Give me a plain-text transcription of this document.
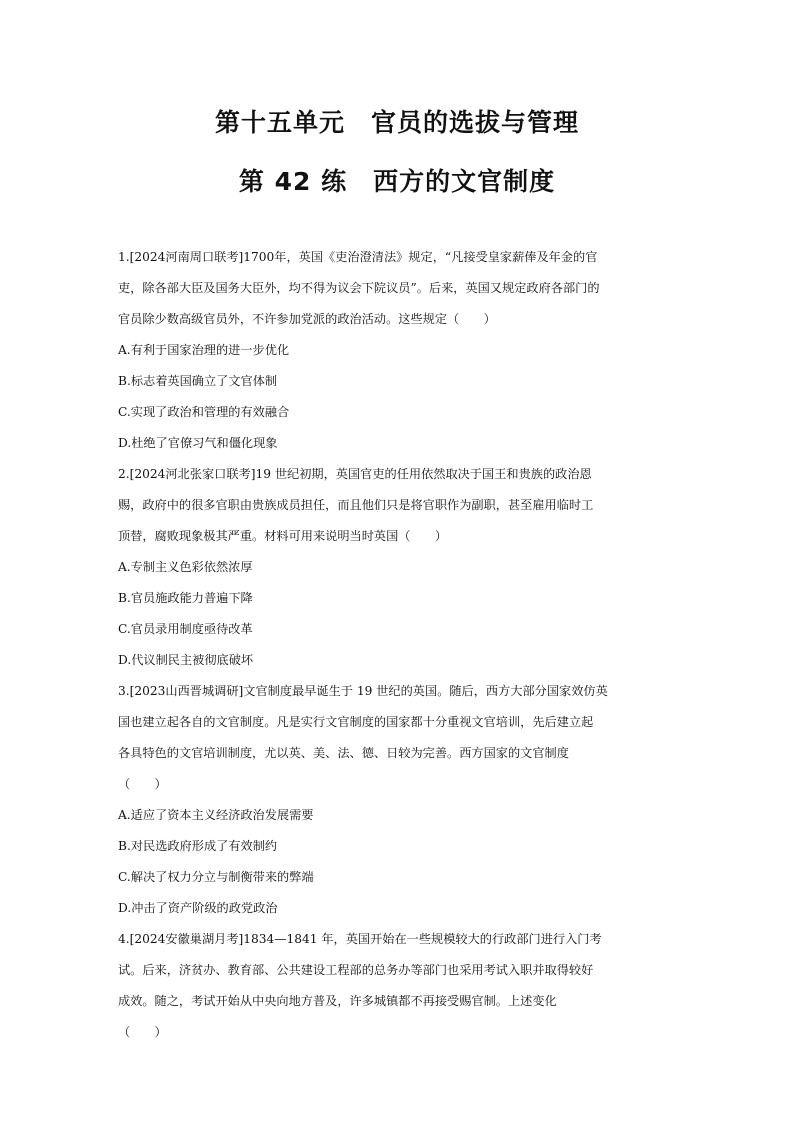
第十五单元　官员的选拔与管理
第 42 练　西方的文官制度
1.[2024河南周口联考]1700年，英国《吏治澄清法》规定，“凡接受皇家薪俸及年金的官
吏，除各部大臣及国务大臣外，均不得为议会下院议员”。后来，英国又规定政府各部门的
官员除少数高级官员外，不许参加党派的政治活动。这些规定（　　）
A.有利于国家治理的进一步优化
B.标志着英国确立了文官体制
C.实现了政治和管理的有效融合
D.杜绝了官僚习气和僵化现象
2.[2024河北张家口联考]19 世纪初期，英国官吏的任用依然取决于国王和贵族的政治恩
赐，政府中的很多官职由贵族成员担任，而且他们只是将官职作为副职，甚至雇用临时工
顶替，腐败现象极其严重。材料可用来说明当时英国（　　）
A.专制主义色彩依然浓厚
B.官员施政能力普遍下降
C.官员录用制度亟待改革
D.代议制民主被彻底破坏
3.[2023山西晋城调研]文官制度最早诞生于 19 世纪的英国。随后，西方大部分国家效仿英
国也建立起各自的文官制度。凡是实行文官制度的国家都十分重视文官培训，先后建立起
各具特色的文官培训制度，尤以英、美、法、德、日较为完善。西方国家的文官制度
（　　）
A.适应了资本主义经济政治发展需要
B.对民选政府形成了有效制约
C.解决了权力分立与制衡带来的弊端
D.冲击了资产阶级的政党政治
4.[2024安徽巢湖月考]1834—1841 年，英国开始在一些规模较大的行政部门进行入门考
试。后来，济贫办、教育部、公共建设工程部的总务办等部门也采用考试入职并取得较好
成效。随之，考试开始从中央向地方普及，许多城镇都不再接受赐官制。上述变化
（　　）
